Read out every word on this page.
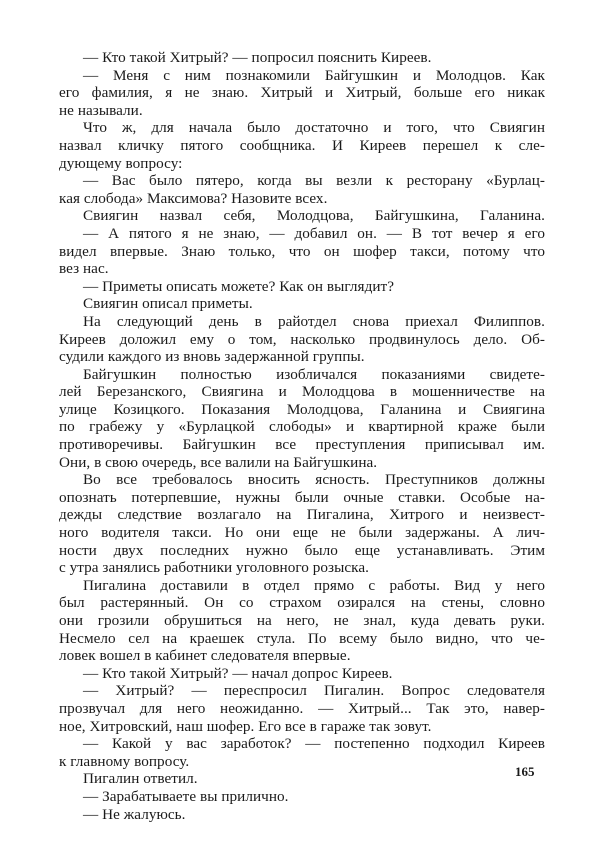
— Кто такой Хитрый? — попросил пояснить Киреев.
— Меня с ним познакомили Байгушкин и Молодцов. Как
его фамилия, я не знаю. Хитрый и Хитрый, больше его никак
не называли.
Что ж, для начала было достаточно и того, что Свиягин
назвал кличку пятого сообщника. И Киреев перешел к сле-
дующему вопросу:
— Вас было пятеро, когда вы везли к ресторану «Бурлац-
кая слобода» Максимова? Назовите всех.
Свиягин назвал себя, Молодцова, Байгушкина, Галанина.
— А пятого я не знаю, — добавил он. — В тот вечер я его
видел впервые. Знаю только, что он шофер такси, потому что
вез нас.
— Приметы описать можете? Как он выглядит?
Свиягин описал приметы.
На следующий день в райотдел снова приехал Филиппов.
Киреев доложил ему о том, насколько продвинулось дело. Об-
судили каждого из вновь задержанной группы.
Байгушкин полностью изобличался показаниями свидете-
лей Березанского, Свиягина и Молодцова в мошенничестве на
улице Козицкого. Показания Молодцова, Галанина и Свиягина
по грабежу у «Бурлацкой слободы» и квартирной краже были
противоречивы. Байгушкин все преступления приписывал им.
Они, в свою очередь, все валили на Байгушкина.
Во все требовалось вносить ясность. Преступников должны
опознать потерпевшие, нужны были очные ставки. Особые на-
дежды следствие возлагало на Пигалина, Хитрого и неизвест-
ного водителя такси. Но они еще не были задержаны. А лич-
ности двух последних нужно было еще устанавливать. Этим
с утра занялись работники уголовного розыска.
Пигалина доставили в отдел прямо с работы. Вид у него
был растерянный. Он со страхом озирался на стены, словно
они грозили обрушиться на него, не знал, куда девать руки.
Несмело сел на краешек стула. По всему было видно, что че-
ловек вошел в кабинет следователя впервые.
— Кто такой Хитрый? — начал допрос Киреев.
— Хитрый? — переспросил Пигалин. Вопрос следователя
прозвучал для него неожиданно. — Хитрый... Так это, навер-
ное, Хитровский, наш шофер. Его все в гараже так зовут.
— Какой у вас заработок? — постепенно подходил Киреев
к главному вопросу.
Пигалин ответил.
— Зарабатываете вы прилично.
— Не жалуюсь.
165
